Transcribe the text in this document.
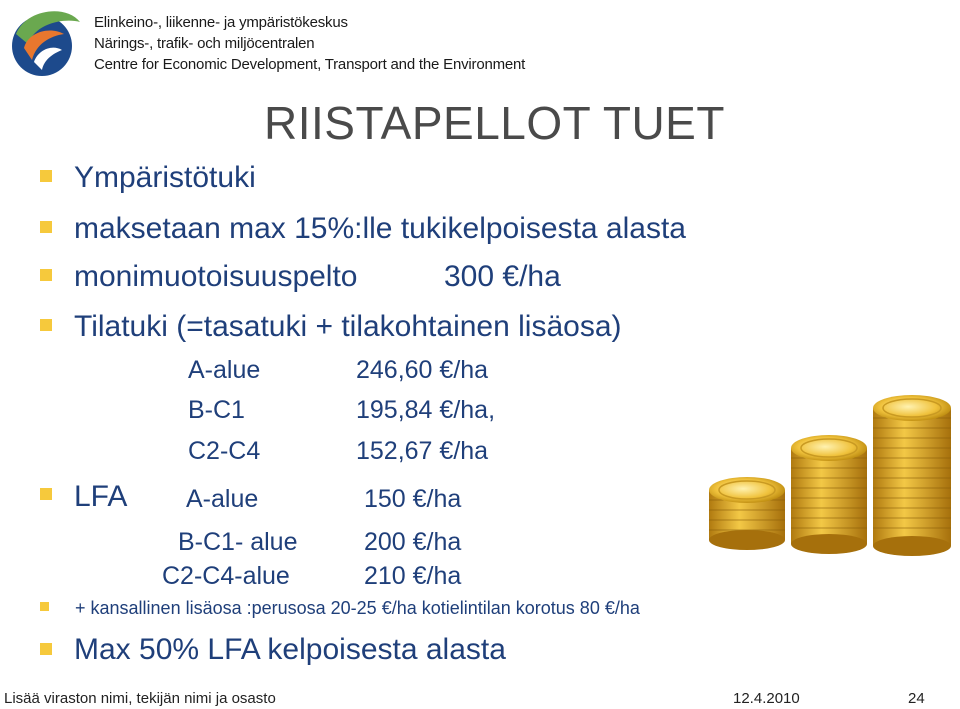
Elinkeino-, liikenne- ja ympäristökeskus
Närings-, trafik- och miljöcentralen
Centre for Economic Development, Transport and the Environment
RIISTAPELLOT TUET
Ympäristötuki
maksetaan max 15%:lle tukikelpoisesta alasta
monimuotoisuuspelto	300 €/ha
Tilatuki (=tasatuki + tilakohtainen lisäosa)
A-alue	246,60 €/ha
B-C1	195,84 €/ha,
C2-C4	152,67 €/ha
LFA A-alue	150 €/ha
B-C1- alue	200 €/ha
C2-C4-alue	210 €/ha
+ kansallinen lisäosa :perusosa 20-25 €/ha kotielintilan korotus 80 €/ha
Max 50% LFA kelpoisesta alasta
Lisää viraston nimi, tekijän nimi ja osasto	12.4.2010	24
